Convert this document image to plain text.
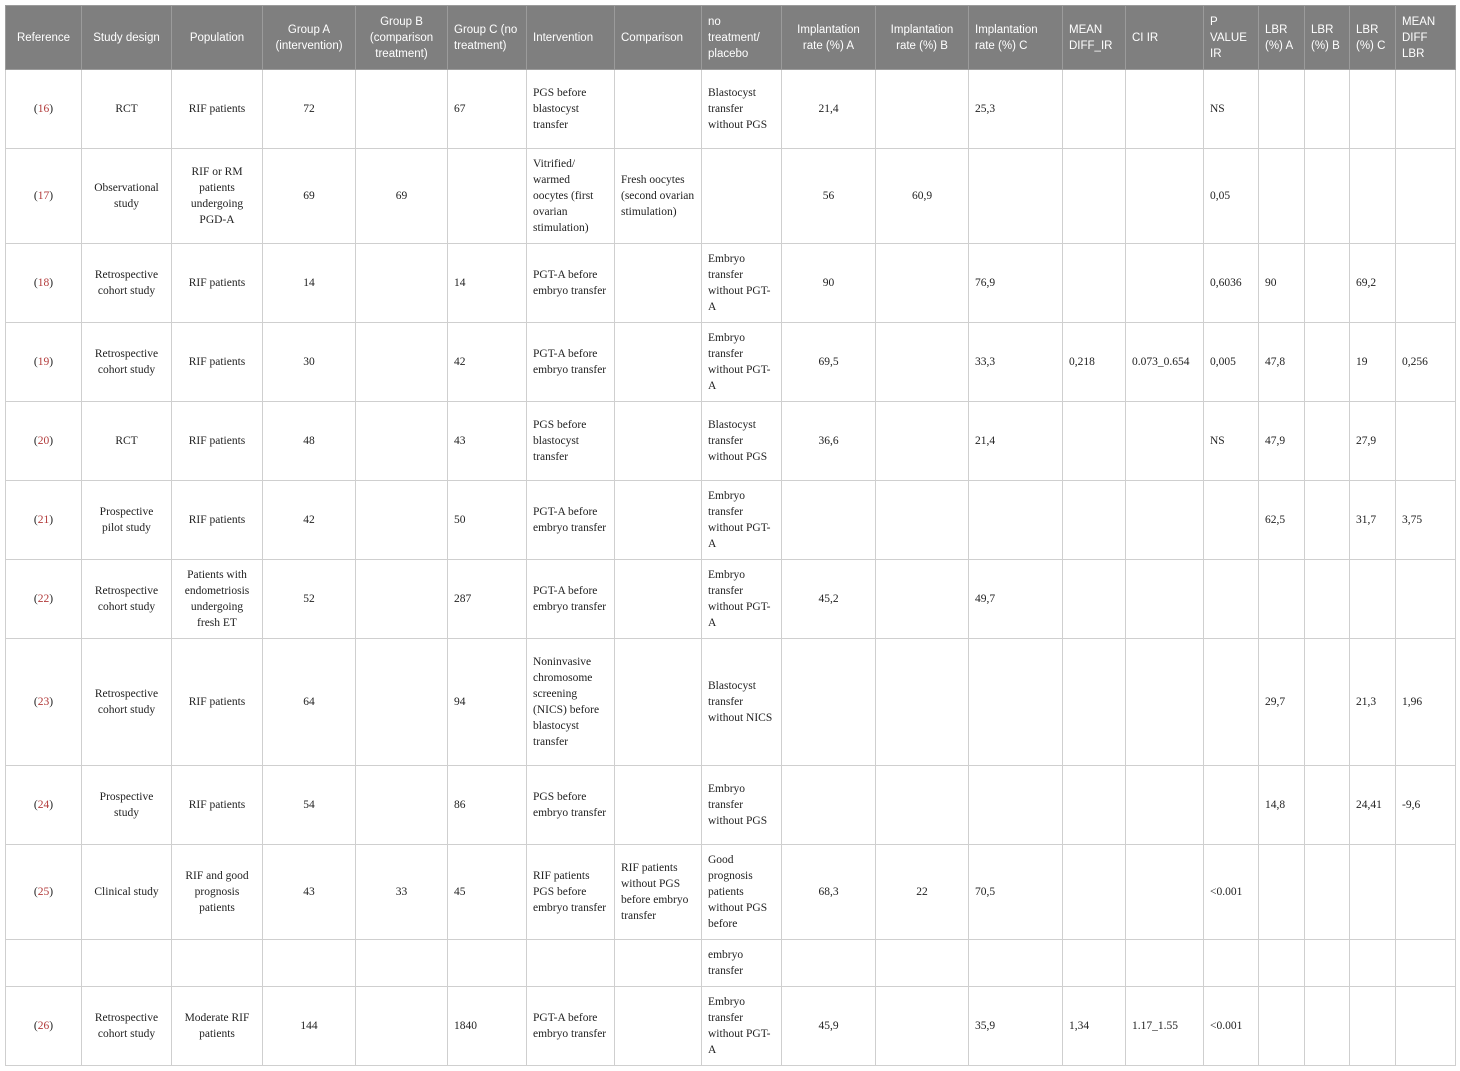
Reference	Study design	Population	Group A (intervention)	Group B (comparison treatment)	Group C (no treatment)	Intervention	Comparison	no treatment/ placebo	Implantation rate (%) A	Implantation rate (%) B	Implantation rate (%) C	MEAN DIFF_IR	CI IR	P VALUE IR	LBR (%) A	LBR (%) B	LBR (%) C	MEAN DIFF LBR
(16)	RCT	RIF patients	72		67	PGS before blastocyst transfer		Blastocyst transfer without PGS	21,4		25,3			NS				
(17)	Observational study	RIF or RM patients undergoing PGD-A	69	69		Vitrified/ warmed oocytes (first ovarian stimulation)	Fresh oocytes (second ovarian stimulation)		56	60,9				0,05				
(18)	Retrospective cohort study	RIF patients	14		14	PGT-A before embryo transfer		Embryo transfer without PGT-A	90		76,9			0,6036	90		69,2	
(19)	Retrospective cohort study	RIF patients	30		42	PGT-A before embryo transfer		Embryo transfer without PGT-A	69,5		33,3	0,218	0.073_0.654	0,005	47,8		19	0,256
(20)	RCT	RIF patients	48		43	PGS before blastocyst transfer		Blastocyst transfer without PGS	36,6		21,4			NS	47,9		27,9	
(21)	Prospective pilot study	RIF patients	42		50	PGT-A before embryo transfer		Embryo transfer without PGT-A							62,5		31,7	3,75
(22)	Retrospective cohort study	Patients with endometriosis undergoing fresh ET	52		287	PGT-A before embryo transfer		Embryo transfer without PGT-A	45,2		49,7							
(23)	Retrospective cohort study	RIF patients	64		94	Noninvasive chromosome screening (NICS) before blastocyst transfer		Blastocyst transfer without NICS							29,7		21,3	1,96
(24)	Prospective study	RIF patients	54		86	PGS before embryo transfer		Embryo transfer without PGS							14,8		24,41	-9,6
(25)	Clinical study	RIF and good prognosis patients	43	33	45	RIF patients PGS before embryo transfer	RIF patients without PGS before embryo transfer	Good prognosis patients without PGS before	68,3	22	70,5			<0.001				
								embryo transfer										
(26)	Retrospective cohort study	Moderate RIF patients	144		1840	PGT-A before embryo transfer		Embryo transfer without PGT-A	45,9		35,9	1,34	1.17_1.55	<0.001				
